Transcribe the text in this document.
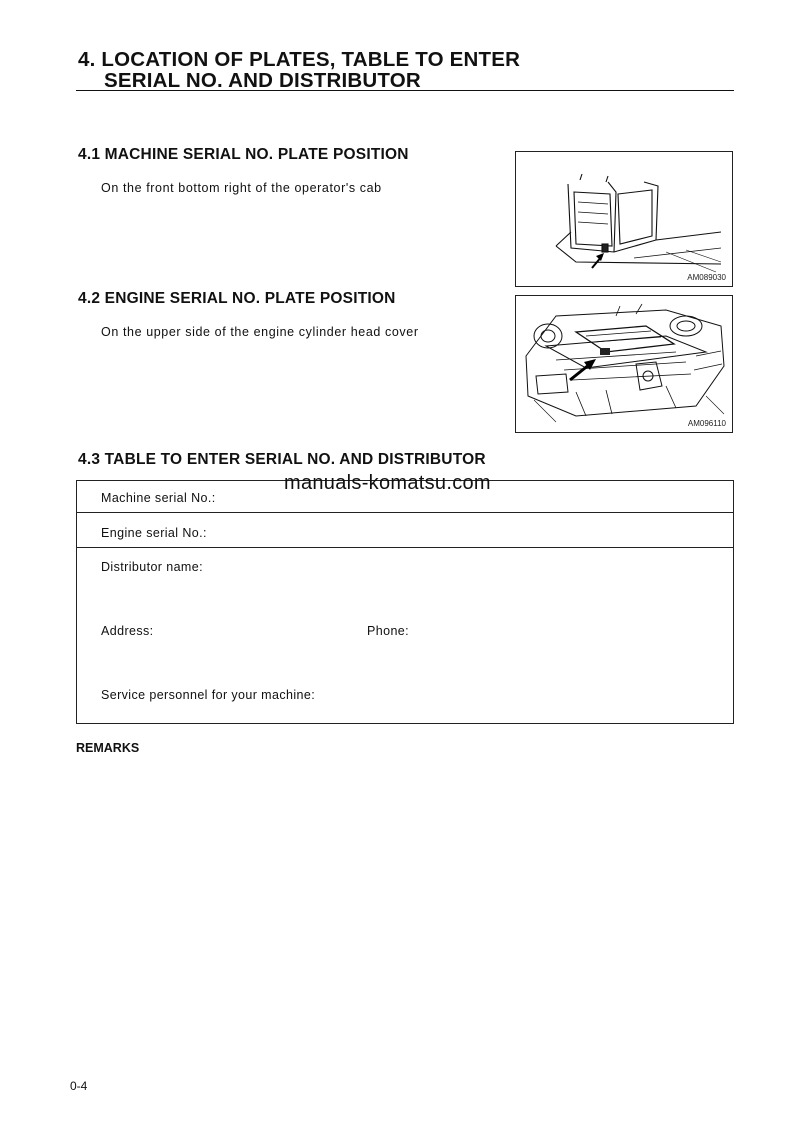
4. LOCATION OF PLATES, TABLE TO ENTER
SERIAL NO. AND DISTRIBUTOR
4.1 MACHINE SERIAL NO. PLATE POSITION
On the front bottom right of the operator's cab
AM089030
4.2 ENGINE SERIAL NO. PLATE POSITION
On the upper side of the engine cylinder head cover
AM096110
4.3 TABLE TO ENTER SERIAL NO. AND DISTRIBUTOR
Machine serial No.:
Engine serial No.:
Distributor name:
Address:	Phone:
Service personnel for your machine:
manuals-komatsu.com
REMARKS
0-4
